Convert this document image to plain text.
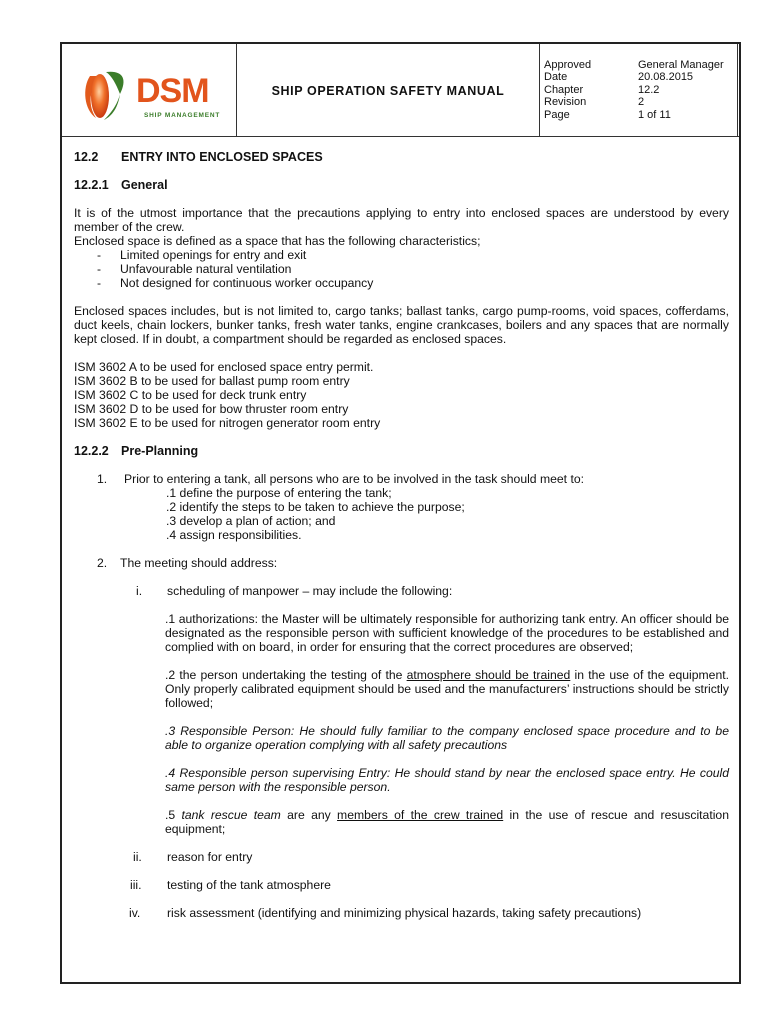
DSM
SHIP MANAGEMENT
SHIP OPERATION SAFETY MANUAL
Approved	General Manager
Date	20.08.2015
Chapter	12.2
Revision	2
Page	1 of 11
12.2 ENTRY INTO ENCLOSED SPACES
12.2.1 General
It is of the utmost importance that the precautions applying to entry into enclosed spaces are understood by every member of the crew.
Enclosed space is defined as a space that has the following characteristics;
- Limited openings for entry and exit
- Unfavourable natural ventilation
- Not designed for continuous worker occupancy
Enclosed spaces includes, but is not limited to, cargo tanks; ballast tanks, cargo pump-rooms, void spaces, cofferdams, duct keels, chain lockers, bunker tanks, fresh water tanks, engine crankcases, boilers and any spaces that are normally kept closed. If in doubt, a compartment should be regarded as enclosed spaces.
ISM 3602 A to be used for enclosed space entry permit.
ISM 3602 B to be used for ballast pump room entry
ISM 3602 C to be used for deck trunk entry
ISM 3602 D to be used for bow thruster room entry
ISM 3602 E to be used for nitrogen generator room entry
12.2.2 Pre-Planning
1. Prior to entering a tank, all persons who are to be involved in the task should meet to:
.1 define the purpose of entering the tank;
.2 identify the steps to be taken to achieve the purpose;
.3 develop a plan of action; and
.4 assign responsibilities.
2. The meeting should address:
i. scheduling of manpower – may include the following:
.1 authorizations: the Master will be ultimately responsible for authorizing tank entry. An officer should be designated as the responsible person with sufficient knowledge of the procedures to be established and complied with on board, in order for ensuring that the correct procedures are observed;
.2 the person undertaking the testing of the atmosphere should be trained in the use of the equipment. Only properly calibrated equipment should be used and the manufacturers’ instructions should be strictly followed;
.3 Responsible Person: He should fully familiar to the company enclosed space procedure and to be able to organize operation complying with all safety precautions
.4 Responsible person supervising Entry: He should stand by near the enclosed space entry. He could same person with the responsible person.
.5 tank rescue team are any members of the crew trained in the use of rescue and resuscitation equipment;
ii. reason for entry
iii. testing of the tank atmosphere
iv. risk assessment (identifying and minimizing physical hazards, taking safety precautions)
